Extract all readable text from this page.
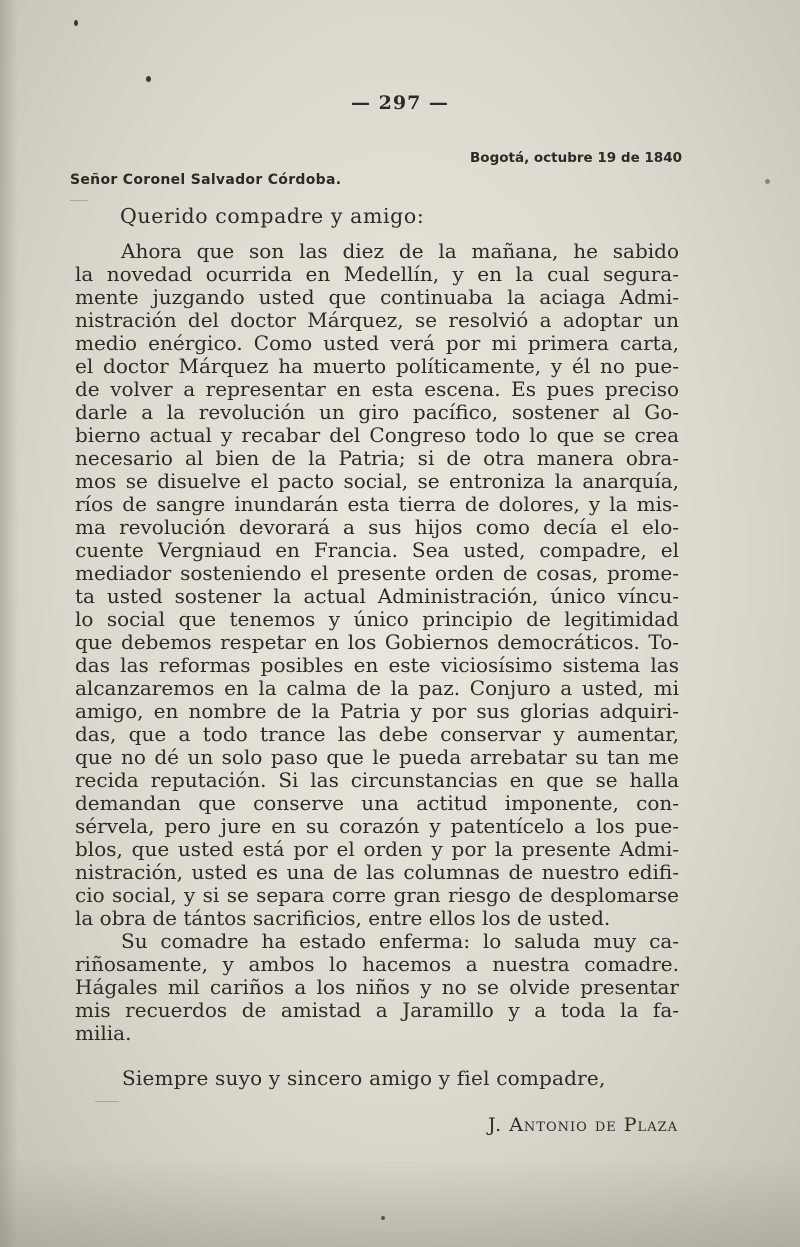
— 297 —
Bogotá, octubre 19 de 1840
Señor Coronel Salvador Córdoba.
Querido compadre y amigo:
Ahora que son las diez de la mañana, he sabido
la novedad ocurrida en Medellín, y en la cual segura-
mente juzgando usted que continuaba la aciaga Admi-
nistración del doctor Márquez, se resolvió a adoptar un
medio enérgico. Como usted verá por mi primera carta,
el doctor Márquez ha muerto políticamente, y él no pue-
de volver a representar en esta escena. Es pues preciso
darle a la revolución un giro pacífico, sostener al Go-
bierno actual y recabar del Congreso todo lo que se crea
necesario al bien de la Patria; si de otra manera obra-
mos se disuelve el pacto social, se entroniza la anarquía,
ríos de sangre inundarán esta tierra de dolores, y la mis-
ma revolución devorará a sus hijos como decía el elo-
cuente Vergniaud en Francia. Sea usted, compadre, el
mediador sosteniendo el presente orden de cosas, prome-
ta usted sostener la actual Administración, único víncu-
lo social que tenemos y único principio de legitimidad
que debemos respetar en los Gobiernos democráticos. To-
das las reformas posibles en este viciosísimo sistema las
alcanzaremos en la calma de la paz. Conjuro a usted, mi
amigo, en nombre de la Patria y por sus glorias adquiri-
das, que a todo trance las debe conservar y aumentar,
que no dé un solo paso que le pueda arrebatar su tan me
recida reputación. Si las circunstancias en que se halla
demandan que conserve una actitud imponente, con-
sérvela, pero jure en su corazón y patentícelo a los pue-
blos, que usted está por el orden y por la presente Admi-
nistración, usted es una de las columnas de nuestro edifi-
cio social, y si se separa corre gran riesgo de desplomarse
la obra de tántos sacrificios, entre ellos los de usted.
Su comadre ha estado enferma: lo saluda muy ca-
riñosamente, y ambos lo hacemos a nuestra comadre.
Hágales mil cariños a los niños y no se olvide presentar
mis recuerdos de amistad a Jaramillo y a toda la fa-
milia.
Siempre suyo y sincero amigo y fiel compadre,
J. Antonio de Plaza
